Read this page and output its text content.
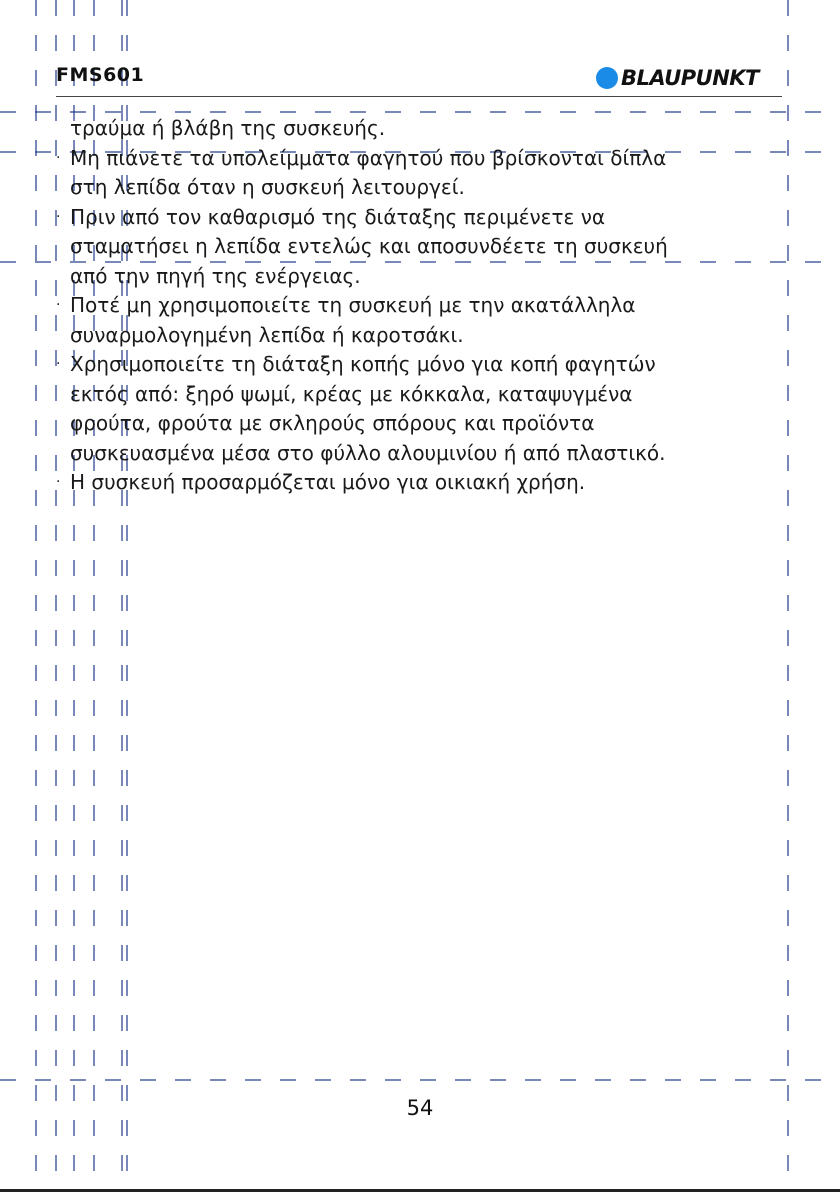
FMS601	BLAUPUNKT
τραύμα ή βλάβη της συσκευής.
· Μη πιάνετε τα υπολείμματα φαγητού που βρίσκονται δίπλα
στη λεπίδα όταν η συσκευή λειτουργεί.
· Πριν από τον καθαρισμό της διάταξης περιμένετε να
σταματήσει η λεπίδα εντελώς και αποσυνδέετε τη συσκευή
από την πηγή της ενέργειας.
· Ποτέ μη χρησιμοποιείτε τη συσκευή με την ακατάλληλα
συναρμολογημένη λεπίδα ή καροτσάκι.
· Χρησιμοποιείτε τη διάταξη κοπής μόνο για κοπή φαγητών
εκτός από: ξηρό ψωμί, κρέας με κόκκαλα, καταψυγμένα
φρούτα, φρούτα με σκληρούς σπόρους και προϊόντα
συσκευασμένα μέσα στο φύλλο αλουμινίου ή από πλαστικό.
· Η συσκευή προσαρμόζεται μόνο για οικιακή χρήση.
54
